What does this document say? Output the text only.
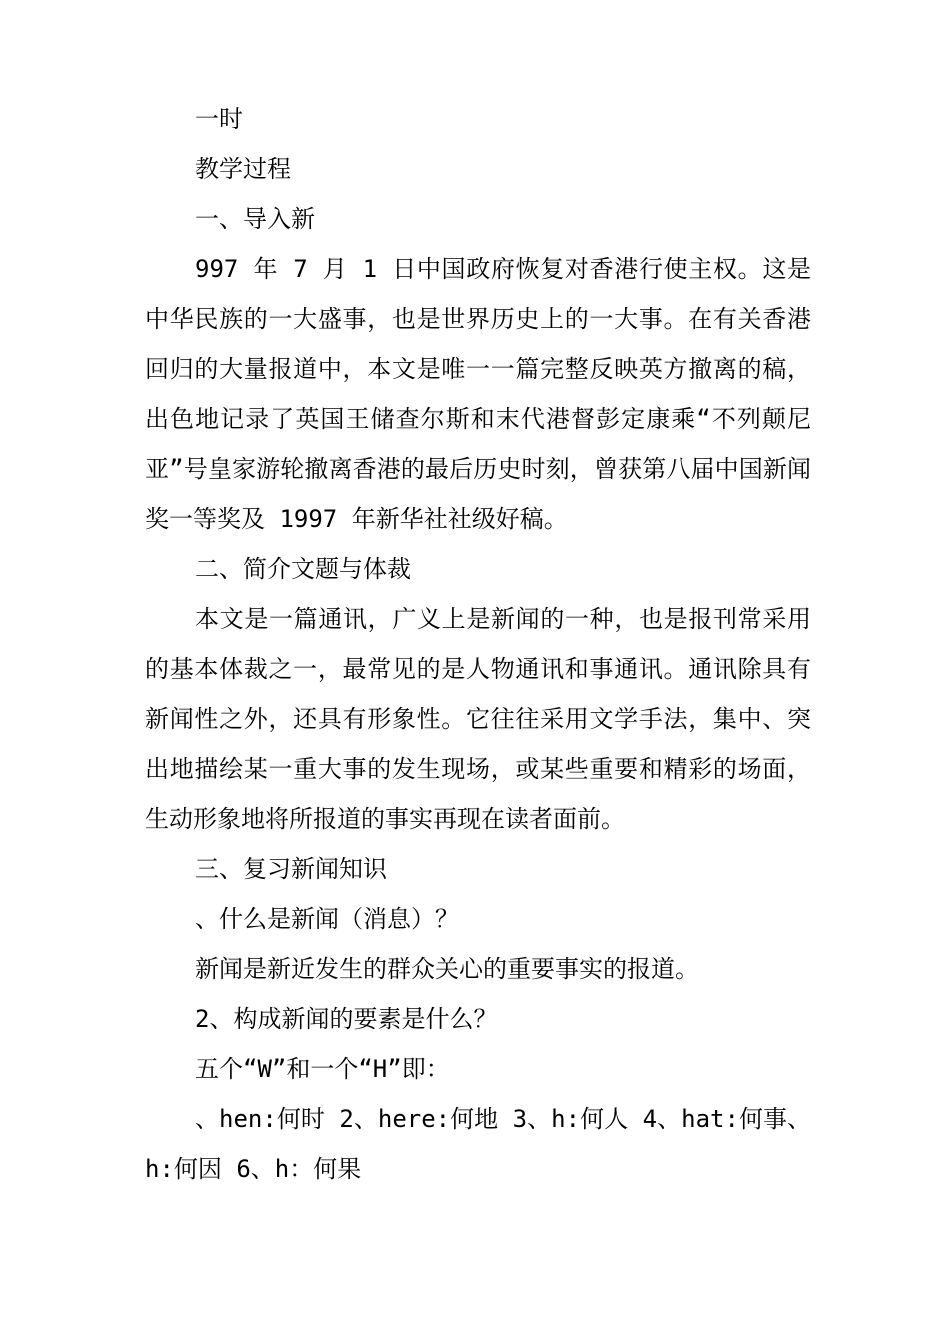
一时

教学过程

一、导入新

997 年 7 月 1 日中国政府恢复对香港行使主权。这是中华民族的一大盛事，也是世界历史上的一大事。在有关香港回归的大量报道中，本文是唯一一篇完整反映英方撤离的稿，出色地记录了英国王储查尔斯和末代港督彭定康乘“不列颠尼亚”号皇家游轮撤离香港的最后历史时刻，曾获第八届中国新闻奖一等奖及 1997 年新华社社级好稿。

二、简介文题与体裁

本文是一篇通讯，广义上是新闻的一种，也是报刊常采用的基本体裁之一，最常见的是人物通讯和事通讯。通讯除具有新闻性之外，还具有形象性。它往往采用文学手法，集中、突出地描绘某一重大事的发生现场，或某些重要和精彩的场面，生动形象地将所报道的事实再现在读者面前。

三、复习新闻知识

、什么是新闻（消息）？

新闻是新近发生的群众关心的重要事实的报道。

2、构成新闻的要素是什么？

五个“W”和一个“H”即：

、hen:何时 2、here:何地 3、h:何人 4、hat:何事、h:何因 6、h：何果
